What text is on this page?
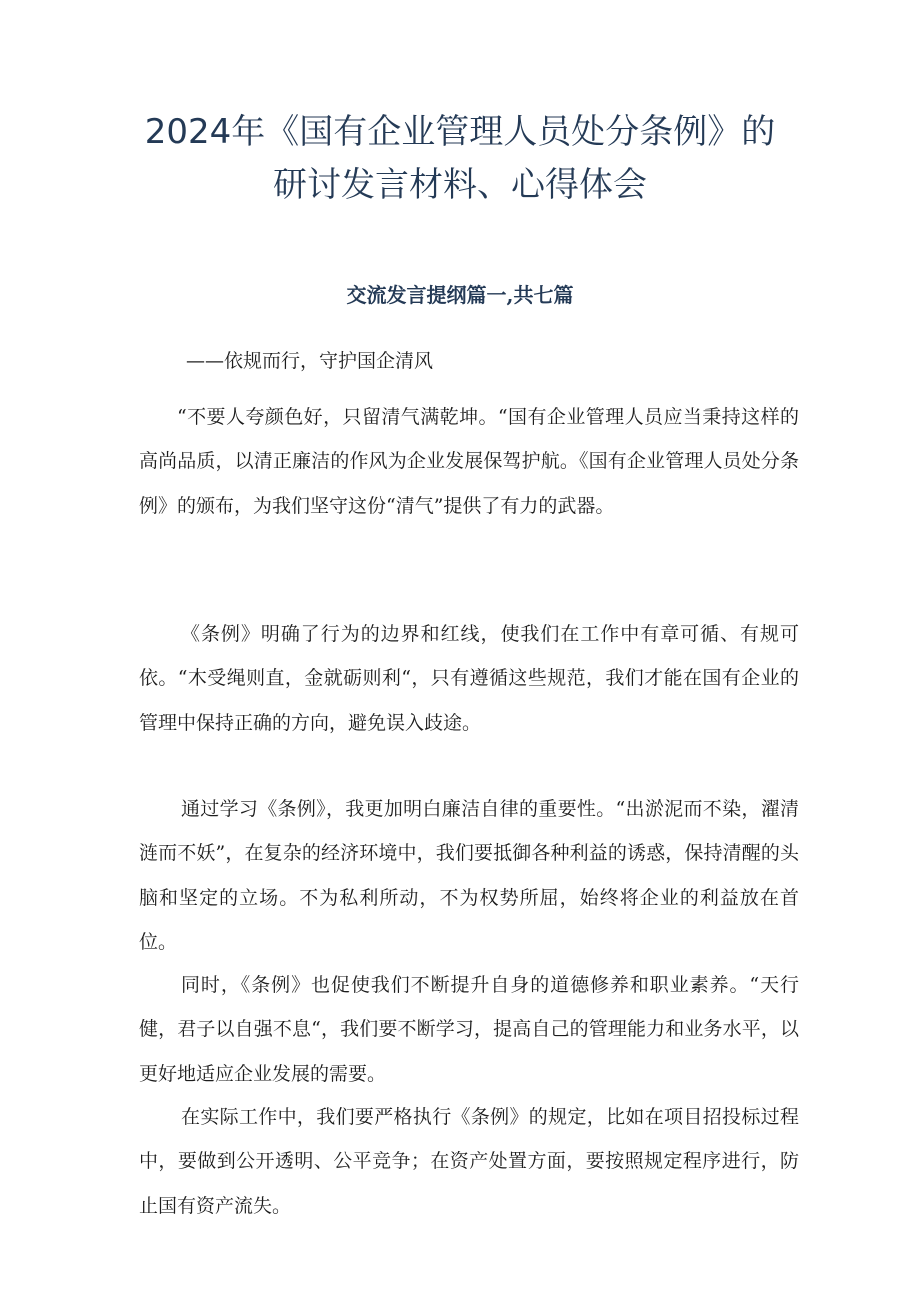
2024年《国有企业管理人员处分条例》的
研讨发言材料、心得体会
交流发言提纲篇一,共七篇

——依规而行，守护国企清风

“不要人夸颜色好，只留清气满乾坤。“国有企业管理人员应当秉持这样的高尚品质，以清正廉洁的作风为企业发展保驾护航。《国有企业管理人员处分条例》的颁布，为我们坚守这份“清气”提供了有力的武器。

《条例》明确了行为的边界和红线，使我们在工作中有章可循、有规可依。“木受绳则直，金就砺则利“，只有遵循这些规范，我们才能在国有企业的管理中保持正确的方向，避免误入歧途。

通过学习《条例》，我更加明白廉洁自律的重要性。“出淤泥而不染，濯清涟而不妖”，在复杂的经济环境中，我们要抵御各种利益的诱惑，保持清醒的头脑和坚定的立场。不为私利所动，不为权势所屈，始终将企业的利益放在首位。

同时，《条例》也促使我们不断提升自身的道德修养和职业素养。“天行健，君子以自强不息“，我们要不断学习，提高自己的管理能力和业务水平，以更好地适应企业发展的需要。

在实际工作中，我们要严格执行《条例》的规定，比如在项目招投标过程中，要做到公开透明、公平竞争；在资产处置方面，要按照规定程序进行，防止国有资产流失。
